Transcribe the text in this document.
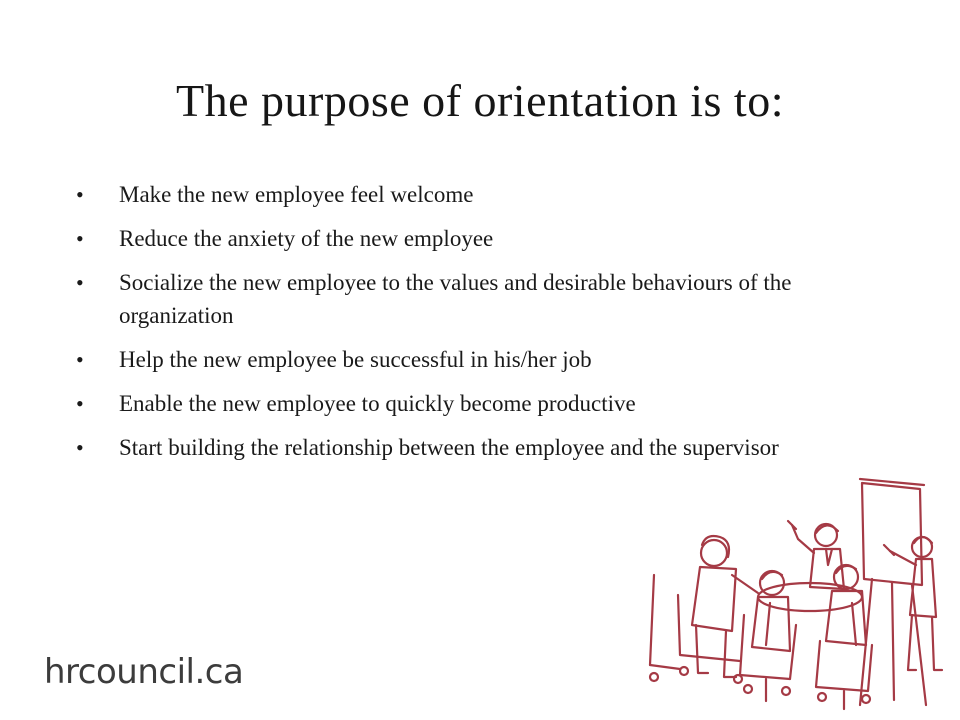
The purpose of orientation is to:
•	Make the new employee feel welcome
•	Reduce the anxiety of the new employee
•	Socialize the new employee to the values and desirable behaviours of the organization
•	Help the new employee be successful in his/her job
•	Enable the new employee to quickly become productive
•	Start building the relationship between the employee and the supervisor
hrcouncil.ca
